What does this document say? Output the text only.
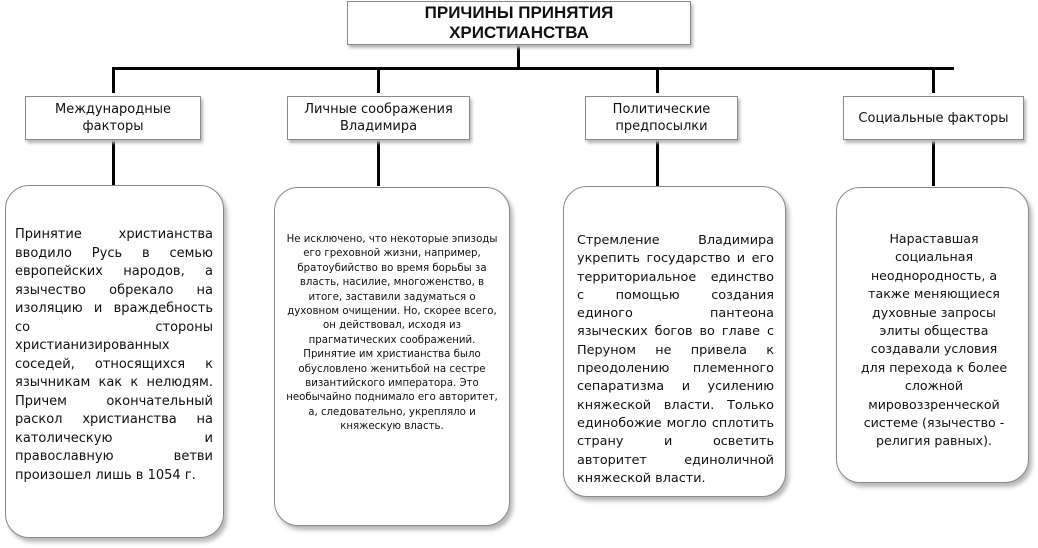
ПРИЧИНЫ ПРИНЯТИЯ
ХРИСТИАНСТВА
Международные
факторы
Личные соображения
Владимира
Политические
предпосылки
Социальные факторы
Принятие христианства вводило Русь в семью европейских народов, а язычество обрекало на изоляцию и враждебность со стороны христианизированных соседей, относящихся к язычникам как к нелюдям. Причем окончательный раскол христианства на католическую и православную ветви произошел лишь в 1054 г.
Не исключено, что некоторые эпизоды его греховной жизни, например, братоубийство во время борьбы за власть, насилие, многоженство, в итоге, заставили задуматься о духовном очищении. Но, скорее всего, он действовал, исходя из прагматических соображений. Принятие им христианства было обусловлено женитьбой на сестре византийского императора. Это необычайно поднимало его авторитет, а, следовательно, укрепляло и княжескую власть.
Стремление Владимира укрепить государство и его территориальное единство с помощью создания единого пантеона языческих богов во главе с Перуном не привела к преодолению племенного сепаратизма и усилению княжеской власти. Только единобожие могло сплотить страну и осветить авторитет единоличной княжеской власти.
Нараставшая социальная неоднородность, а также меняющиеся духовные запросы элиты общества создавали условия для перехода к более сложной мировоззренческой системе (язычество - религия равных).
